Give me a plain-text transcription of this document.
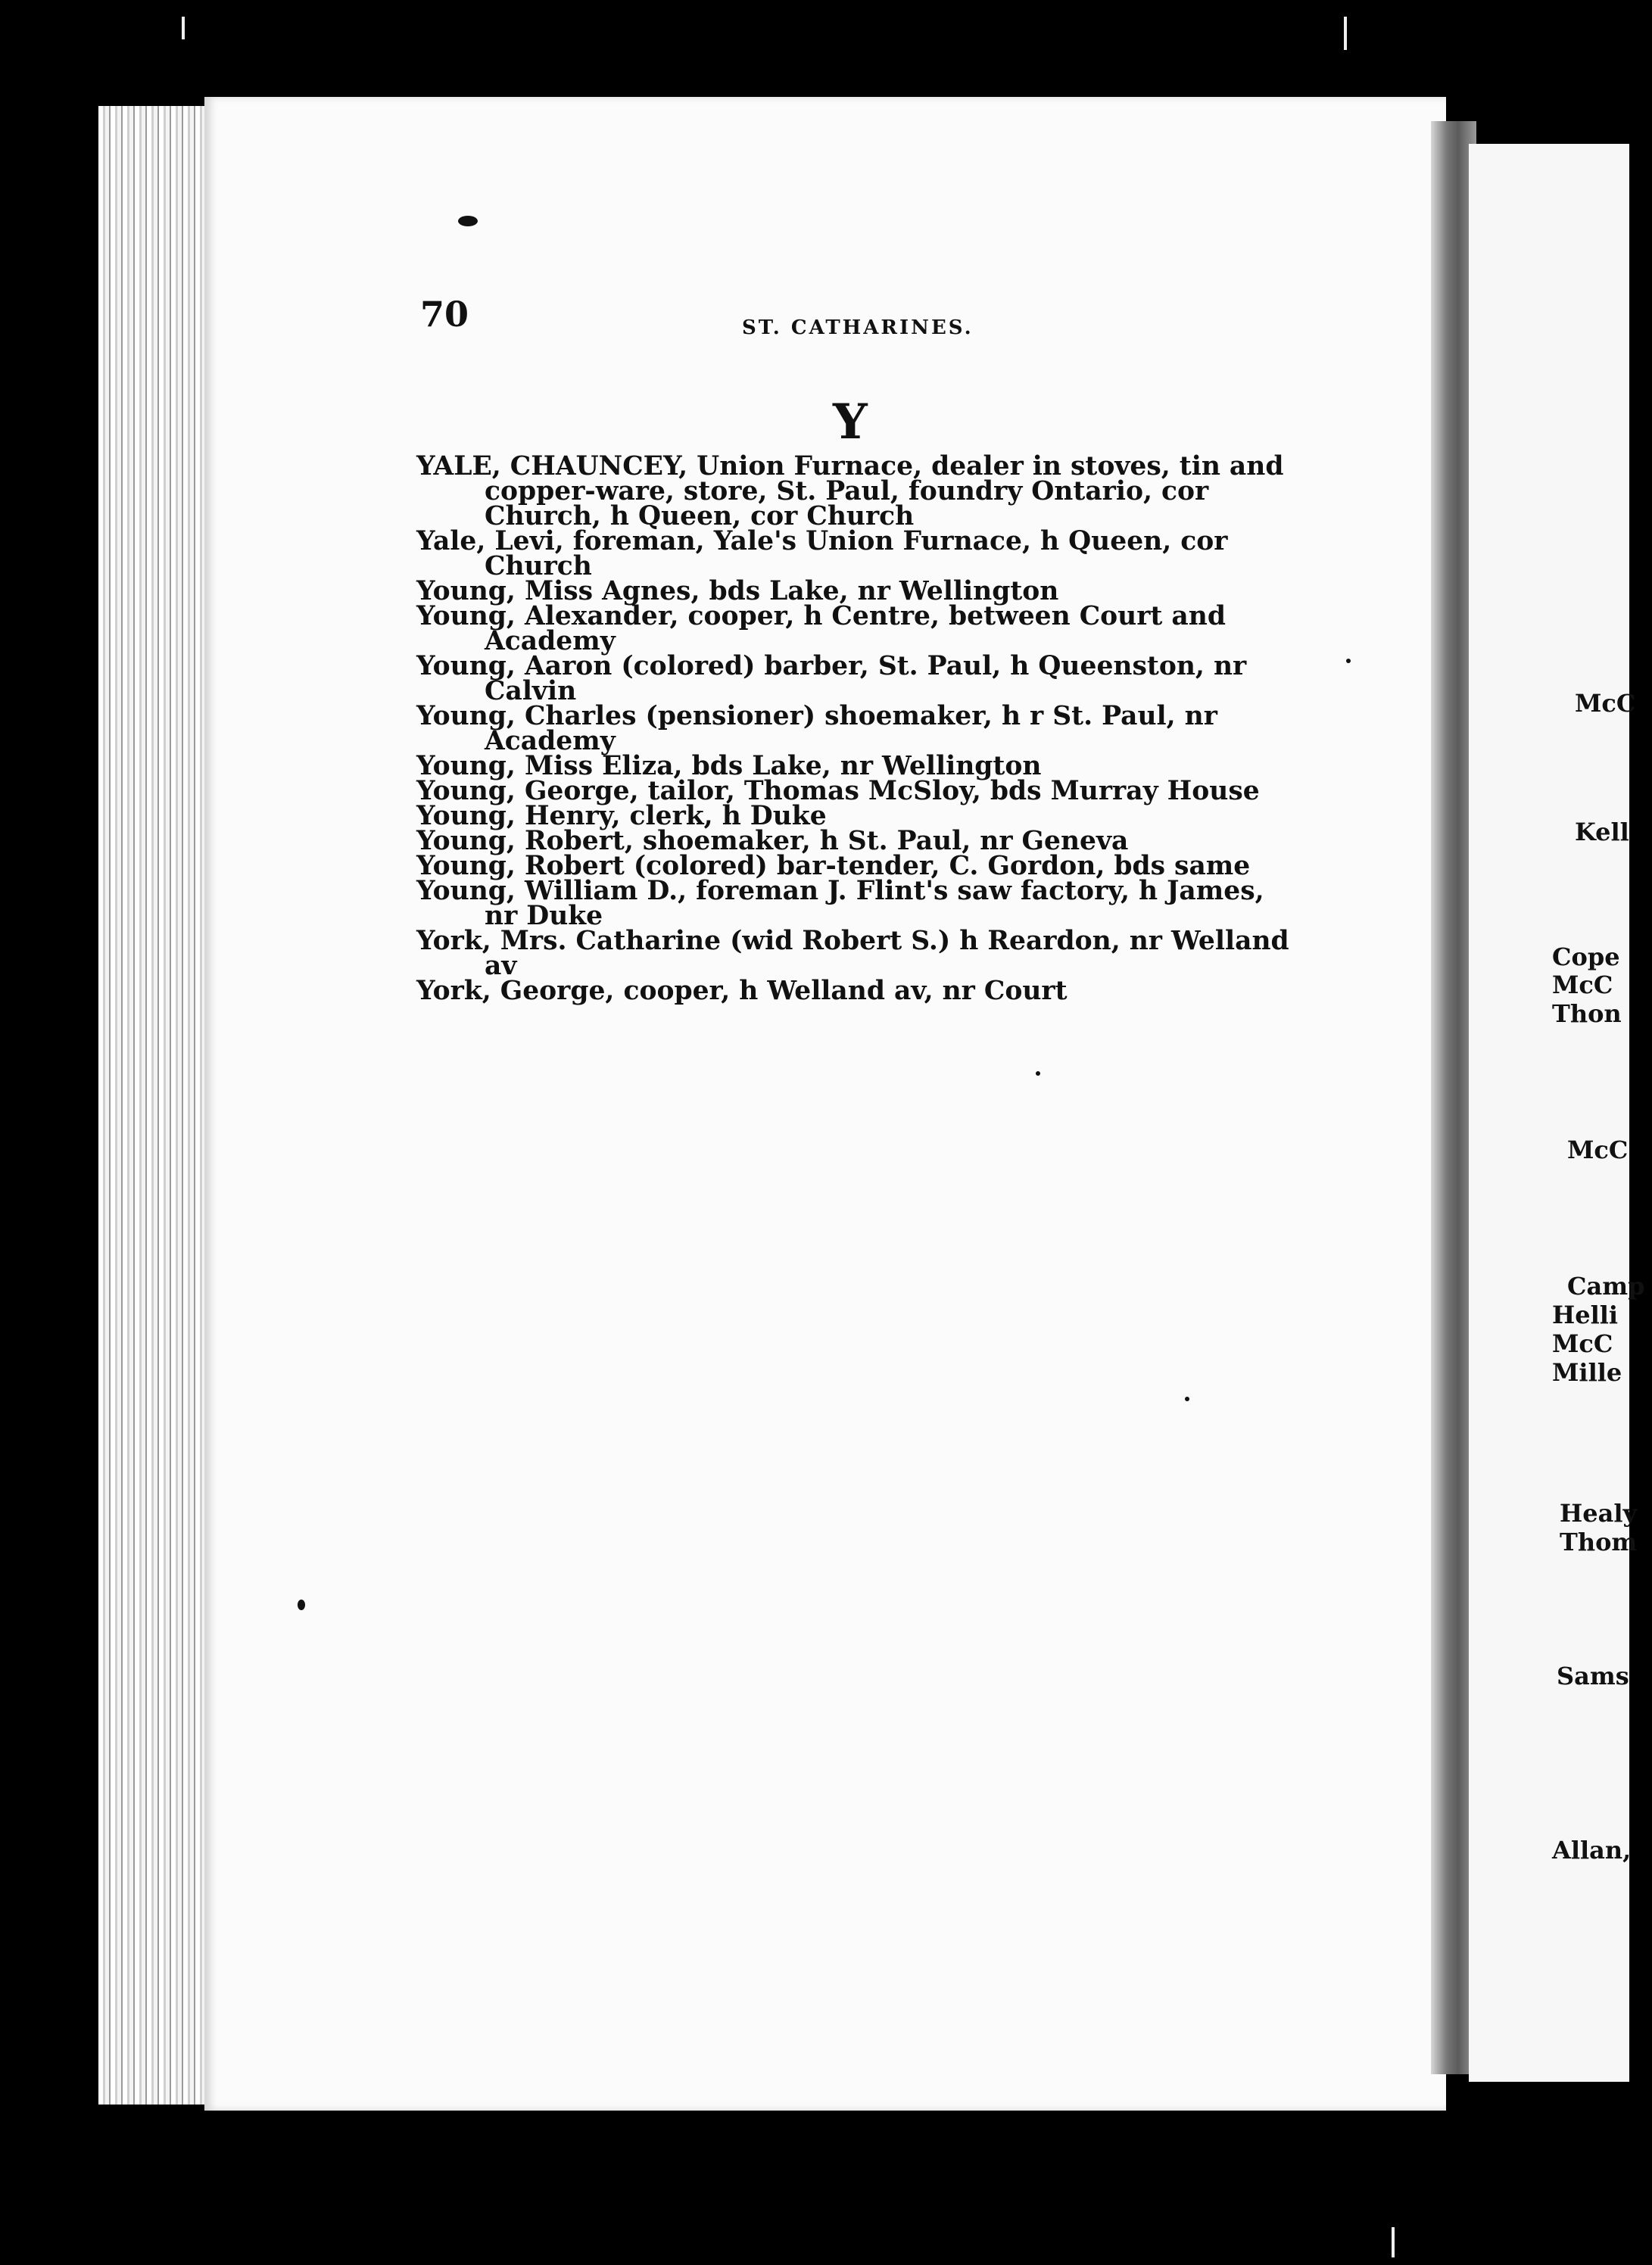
70	ST. CATHARINES.
Y
YALE, CHAUNCEY, Union Furnace, dealer in stoves, tin and copper-ware, store, St. Paul, foundry Ontario, cor Church, h Queen, cor Church
Yale, Levi, foreman, Yale's Union Furnace, h Queen, cor Church
Young, Miss Agnes, bds Lake, nr Wellington
Young, Alexander, cooper, h Centre, between Court and Academy
Young, Aaron (colored) barber, St. Paul, h Queenston, nr Calvin
Young, Charles (pensioner) shoemaker, h r St. Paul, nr Academy
Young, Miss Eliza, bds Lake, nr Wellington
Young, George, tailor, Thomas McSloy, bds Murray House
Young, Henry, clerk, h Duke
Young, Robert, shoemaker, h St. Paul, nr Geneva
Young, Robert (colored) bar-tender, C. Gordon, bds same
Young, William D., foreman J. Flint's saw factory, h James, nr Duke
York, Mrs. Catharine (wid Robert S.) h Reardon, nr Welland av
York, George, cooper, h Welland av, nr Court
McC
Kell
Cope
McC
Thon
McC
Camp
Helli
McC
Mille
Healy
Thom
Sams
Allan,
